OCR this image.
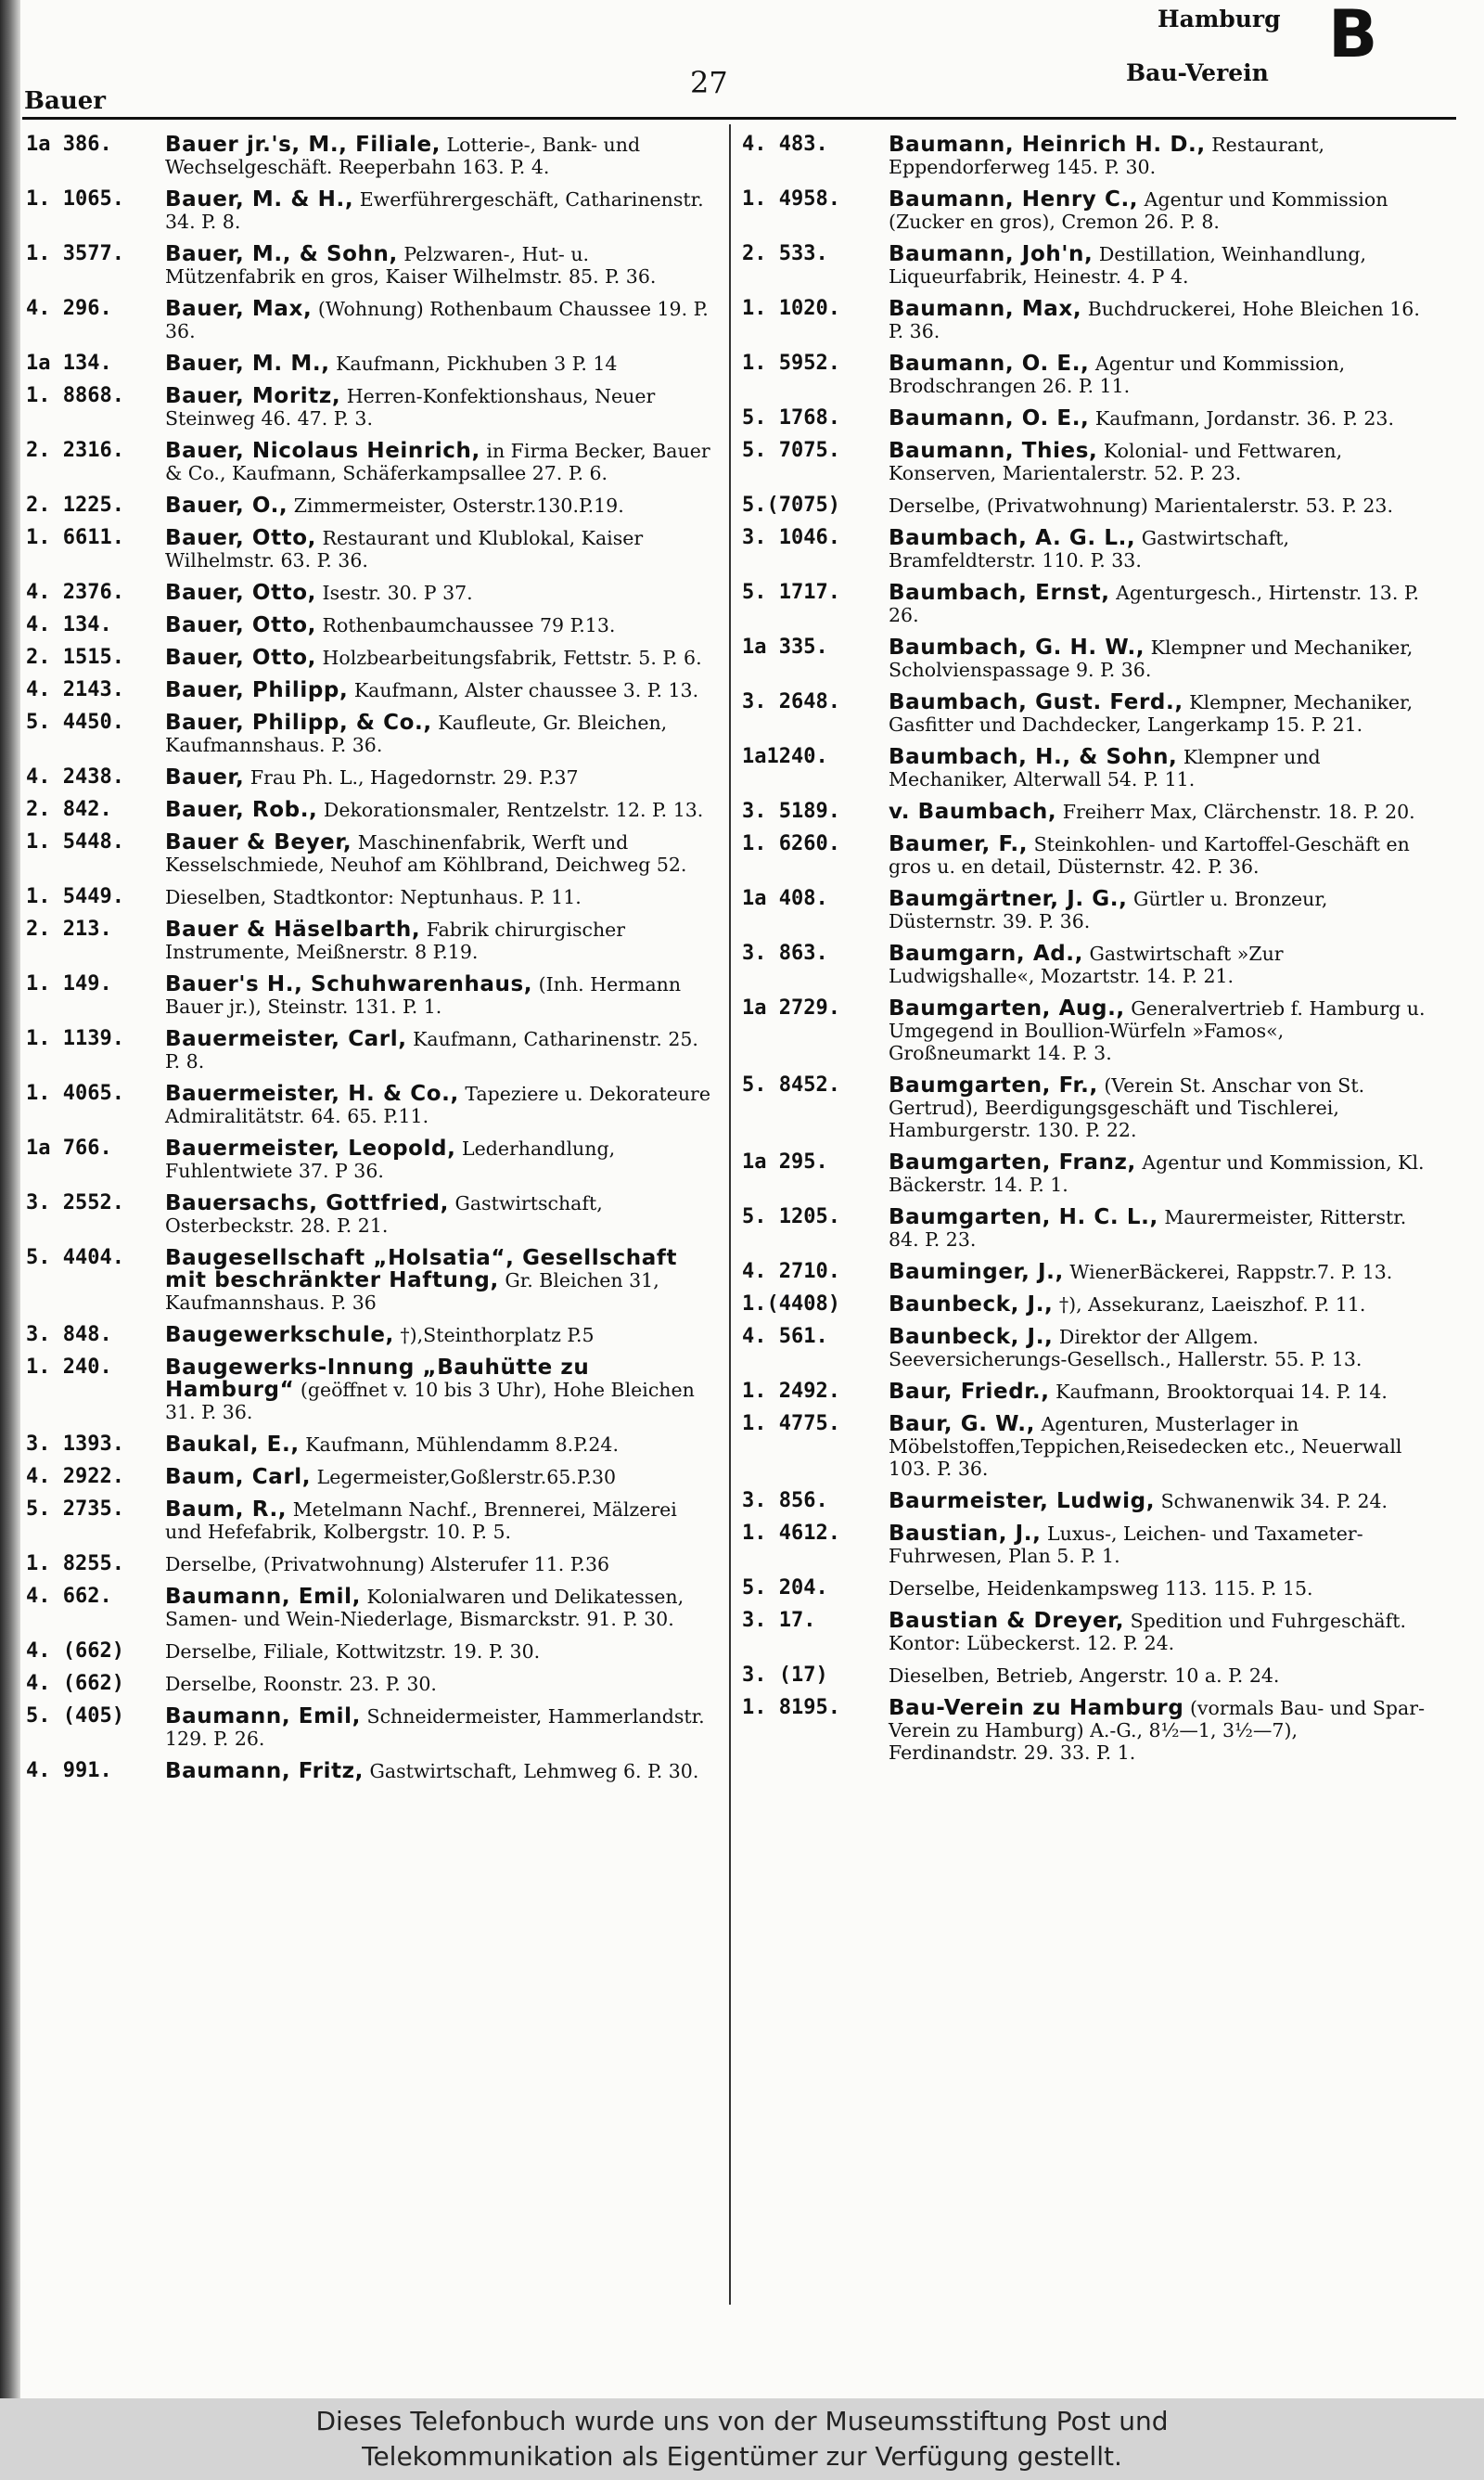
Bauer
27
Hamburg B
Bau-Verein
1a 386.	Bauer jr.'s, M., Filiale, Lotterie-, Bank- und Wechselgeschäft. Reeperbahn 163. P. 4.
1. 1065.	Bauer, M. & H., Ewerführergeschäft, Catharinenstr. 34. P. 8.
1. 3577.	Bauer, M., & Sohn, Pelzwaren-, Hut- u. Mützenfabrik en gros, Kaiser Wilhelmstr. 85. P. 36.
4. 296.	Bauer, Max, (Wohnung) Rothenbaum Chaussee 19. P. 36.
1a 134.	Bauer, M. M., Kaufmann, Pickhuben 3 P. 14
1. 8868.	Bauer, Moritz, Herren-Konfektionshaus, Neuer Steinweg 46. 47. P. 3.
2. 2316.	Bauer, Nicolaus Heinrich, in Firma Becker, Bauer & Co., Kaufmann, Schäferkampsallee 27. P. 6.
2. 1225.	Bauer, O., Zimmermeister, Osterstr.130.P.19.
1. 6611.	Bauer, Otto, Restaurant und Klublokal, Kaiser Wilhelmstr. 63. P. 36.
4. 2376.	Bauer, Otto, Isestr. 30. P 37.
4. 134.	Bauer, Otto, Rothenbaumchaussee 79 P.13.
2. 1515.	Bauer, Otto, Holzbearbeitungsfabrik, Fettstr. 5. P. 6.
4. 2143.	Bauer, Philipp, Kaufmann, Alster chaussee 3. P. 13.
5. 4450.	Bauer, Philipp, & Co., Kaufleute, Gr. Bleichen, Kaufmannshaus. P. 36.
4. 2438.	Bauer, Frau Ph. L., Hagedornstr. 29. P.37
2. 842.	Bauer, Rob., Dekorationsmaler, Rentzelstr. 12. P. 13.
1. 5448.	Bauer & Beyer, Maschinenfabrik, Werft und Kesselschmiede, Neuhof am Köhlbrand, Deichweg 52.
1. 5449.	Dieselben, Stadtkontor: Neptunhaus. P. 11.
2. 213.	Bauer & Häselbarth, Fabrik chirurgischer Instrumente, Meißnerstr. 8 P.19.
1. 149.	Bauer's H., Schuhwarenhaus, (Inh. Hermann Bauer jr.), Steinstr. 131. P. 1.
1. 1139.	Bauermeister, Carl, Kaufmann, Catharinenstr. 25. P. 8.
1. 4065.	Bauermeister, H. & Co., Tapeziere u. Dekorateure Admiralitätstr. 64. 65. P.11.
1a 766.	Bauermeister, Leopold, Lederhandlung, Fuhlentwiete 37. P 36.
3. 2552.	Bauersachs, Gottfried, Gastwirtschaft, Osterbeckstr. 28. P. 21.
5. 4404.	Baugesellschaft „Holsatia“, Gesellschaft mit beschränkter Haftung, Gr. Bleichen 31, Kaufmannshaus. P. 36
3. 848.	Baugewerkschule, †),Steinthorplatz P.5
1. 240.	Baugewerks-Innung „Bauhütte zu Hamburg“ (geöffnet v. 10 bis 3 Uhr), Hohe Bleichen 31. P. 36.
3. 1393.	Baukal, E., Kaufmann, Mühlendamm 8.P.24.
4. 2922.	Baum, Carl, Legermeister,Goßlerstr.65.P.30
5. 2735.	Baum, R., Metelmann Nachf., Brennerei, Mälzerei und Hefefabrik, Kolbergstr. 10. P. 5.
1. 8255.	Derselbe, (Privatwohnung) Alsterufer 11. P.36
4. 662.	Baumann, Emil, Kolonialwaren und Delikatessen, Samen- und Wein-Niederlage, Bismarckstr. 91. P. 30.
4. (662)	Derselbe, Filiale, Kottwitzstr. 19. P. 30.
4. (662)	Derselbe, Roonstr. 23. P. 30.
5. (405)	Baumann, Emil, Schneidermeister, Hammerlandstr. 129. P. 26.
4. 991.	Baumann, Fritz, Gastwirtschaft, Lehmweg 6. P. 30.
4. 483.	Baumann, Heinrich H. D., Restaurant, Eppendorferweg 145. P. 30.
1. 4958.	Baumann, Henry C., Agentur und Kommission (Zucker en gros), Cremon 26. P. 8.
2. 533.	Baumann, Joh'n, Destillation, Weinhandlung, Liqueurfabrik, Heinestr. 4. P 4.
1. 1020.	Baumann, Max, Buchdruckerei, Hohe Bleichen 16. P. 36.
1. 5952.	Baumann, O. E., Agentur und Kommission, Brodschrangen 26. P. 11.
5. 1768.	Baumann, O. E., Kaufmann, Jordanstr. 36. P. 23.
5. 7075.	Baumann, Thies, Kolonial- und Fettwaren, Konserven, Marientalerstr. 52. P. 23.
5.(7075)	Derselbe, (Privatwohnung) Marientalerstr. 53. P. 23.
3. 1046.	Baumbach, A. G. L., Gastwirtschaft, Bramfeldterstr. 110. P. 33.
5. 1717.	Baumbach, Ernst, Agenturgesch., Hirtenstr. 13. P. 26.
1a 335.	Baumbach, G. H. W., Klempner und Mechaniker, Scholvienspassage 9. P. 36.
3. 2648.	Baumbach, Gust. Ferd., Klempner, Mechaniker, Gasfitter und Dachdecker, Langerkamp 15. P. 21.
1a1240.	Baumbach, H., & Sohn, Klempner und Mechaniker, Alterwall 54. P. 11.
3. 5189.	v. Baumbach, Freiherr Max, Clärchenstr. 18. P. 20.
1. 6260.	Baumer, F., Steinkohlen- und Kartoffel-Geschäft en gros u. en detail, Düsternstr. 42. P. 36.
1a 408.	Baumgärtner, J. G., Gürtler u. Bronzeur, Düsternstr. 39. P. 36.
3. 863.	Baumgarn, Ad., Gastwirtschaft »Zur Ludwigshalle«, Mozartstr. 14. P. 21.
1a 2729.	Baumgarten, Aug., Generalvertrieb f. Hamburg u. Umgegend in Boullion-Würfeln »Famos«, Großneumarkt 14. P. 3.
5. 8452.	Baumgarten, Fr., (Verein St. Anschar von St. Gertrud), Beerdigungsgeschäft und Tischlerei, Hamburgerstr. 130. P. 22.
1a 295.	Baumgarten, Franz, Agentur und Kommission, Kl. Bäckerstr. 14. P. 1.
5. 1205.	Baumgarten, H. C. L., Maurermeister, Ritterstr. 84. P. 23.
4. 2710.	Bauminger, J., WienerBäckerei, Rappstr.7. P. 13.
1.(4408)	Baunbeck, J., †), Assekuranz, Laeiszhof. P. 11.
4. 561.	Baunbeck, J., Direktor der Allgem. Seeversicherungs-Gesellsch., Hallerstr. 55. P. 13.
1. 2492.	Baur, Friedr., Kaufmann, Brooktorquai 14. P. 14.
1. 4775.	Baur, G. W., Agenturen, Musterlager in Möbelstoffen,Teppichen,Reisedecken etc., Neuerwall 103. P. 36.
3. 856.	Baurmeister, Ludwig, Schwanenwik 34. P. 24.
1. 4612.	Baustian, J., Luxus-, Leichen- und Taxameter-Fuhrwesen, Plan 5. P. 1.
5. 204.	Derselbe, Heidenkampsweg 113. 115. P. 15.
3. 17.	Baustian & Dreyer, Spedition und Fuhrgeschäft. Kontor: Lübeckerst. 12. P. 24.
3. (17)	Dieselben, Betrieb, Angerstr. 10 a. P. 24.
1. 8195.	Bau-Verein zu Hamburg (vormals Bau- und Spar-Verein zu Hamburg) A.-G., 8½—1, 3½—7), Ferdinandstr. 29. 33. P. 1.
Dieses Telefonbuch wurde uns von der Museumsstiftung Post und
Telekommunikation als Eigentümer zur Verfügung gestellt.
